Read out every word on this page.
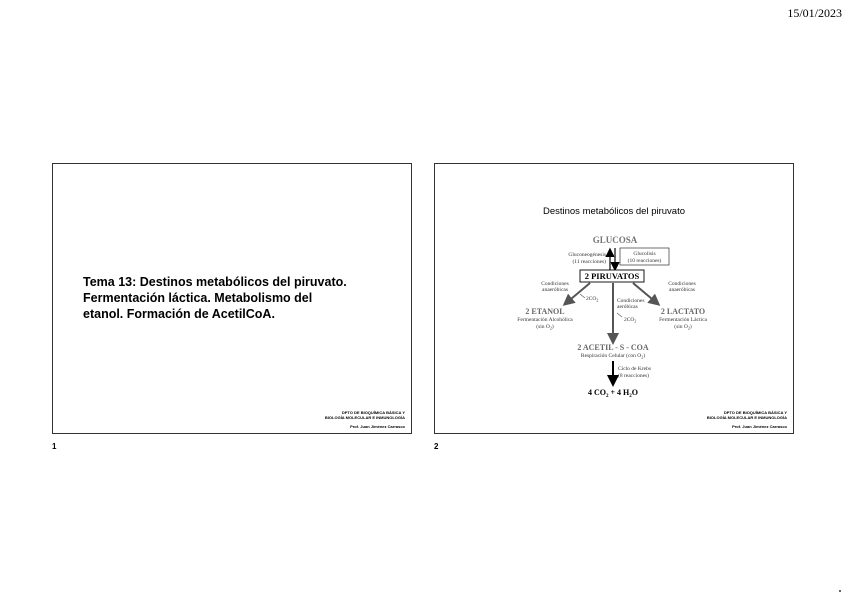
15/01/2023
Tema 13: Destinos metabólicos del piruvato.
Fermentación láctica. Metabolismo del
etanol. Formación de AcetilCoA.
DPTO DE BIOQUÍMICA BÁSICA Y
BIOLOGÍA MOLECULAR E INMUNOLOGÍA
Prof. Juan Jiménez Carrasco
1
Destinos metabólicos del piruvato
GLUCOSA
Gluconeogénesis
(11 reacciones)
Glucolisis
(10 reacciones)
2 PIRUVATOS
Condiciones
anaeróbicas
Condiciones
anaeróbicas
Condiciones
aeróbicas
$2CO_2$
$2CO_2$
2 ETANOL
Fermentación Alcohólica
(sin $O_2$)
2 LACTATO
Fermentación Láctica
(sin $O_2$)
2 ACETIL - S - COA
Respiración Celular (con $O_2$)
Ciclo de Krebs
(8 reacciones)
4 $CO_2 + 4$ $H_2O$
DPTO DE BIOQUÍMICA BÁSICA Y
BIOLOGÍA MOLECULAR E INMUNOLOGÍA
Prof. Juan Jiménez Carrasco
2
